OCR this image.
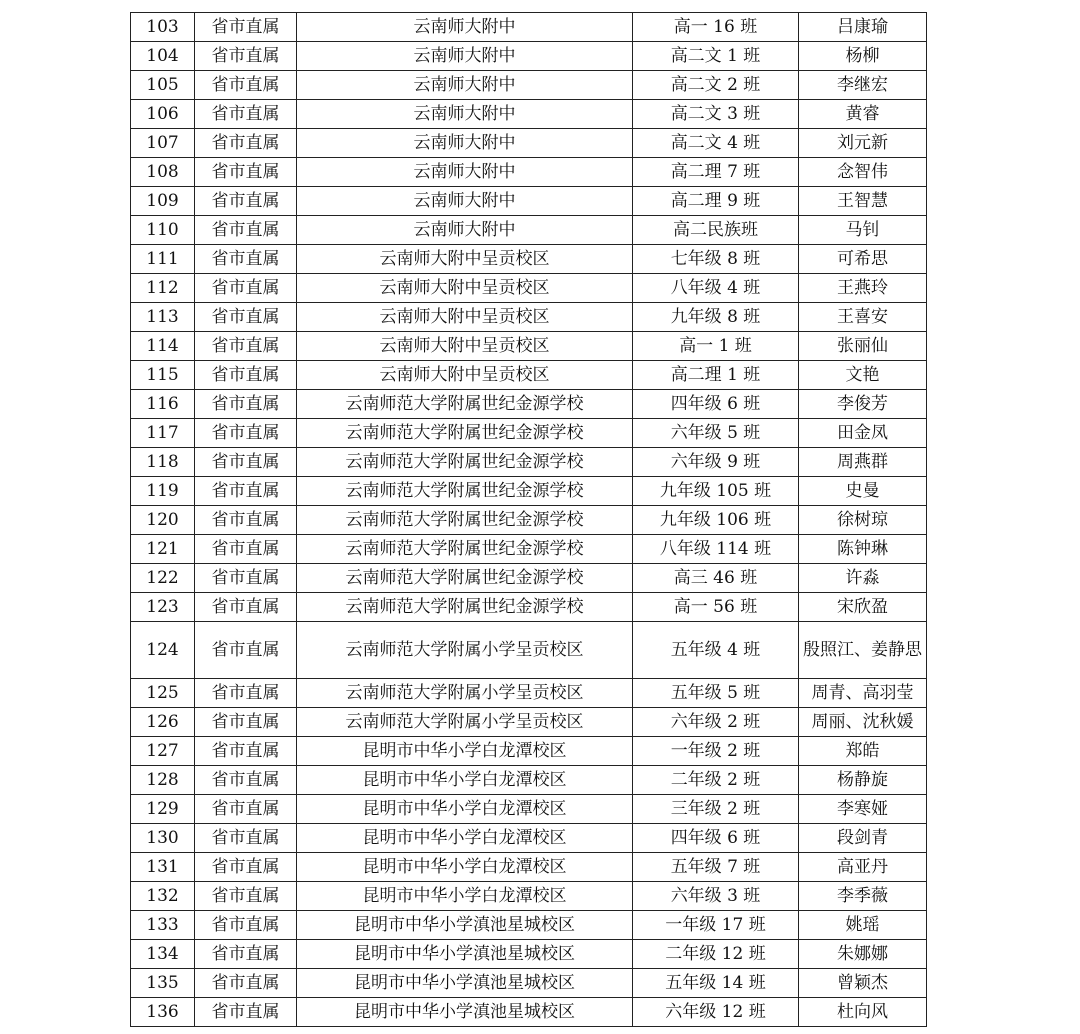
103	省市直属	云南师大附中	高一 16 班	吕康瑜
104	省市直属	云南师大附中	高二文 1 班	杨柳
105	省市直属	云南师大附中	高二文 2 班	李继宏
106	省市直属	云南师大附中	高二文 3 班	黄睿
107	省市直属	云南师大附中	高二文 4 班	刘元新
108	省市直属	云南师大附中	高二理 7 班	念智伟
109	省市直属	云南师大附中	高二理 9 班	王智慧
110	省市直属	云南师大附中	高二民族班	马钊
111	省市直属	云南师大附中呈贡校区	七年级 8 班	可希思
112	省市直属	云南师大附中呈贡校区	八年级 4 班	王燕玲
113	省市直属	云南师大附中呈贡校区	九年级 8 班	王喜安
114	省市直属	云南师大附中呈贡校区	高一 1 班	张丽仙
115	省市直属	云南师大附中呈贡校区	高二理 1 班	文艳
116	省市直属	云南师范大学附属世纪金源学校	四年级 6 班	李俊芳
117	省市直属	云南师范大学附属世纪金源学校	六年级 5 班	田金凤
118	省市直属	云南师范大学附属世纪金源学校	六年级 9 班	周燕群
119	省市直属	云南师范大学附属世纪金源学校	九年级 105 班	史曼
120	省市直属	云南师范大学附属世纪金源学校	九年级 106 班	徐树琼
121	省市直属	云南师范大学附属世纪金源学校	八年级 114 班	陈钟琳
122	省市直属	云南师范大学附属世纪金源学校	高三 46 班	许淼
123	省市直属	云南师范大学附属世纪金源学校	高一 56 班	宋欣盈
124	省市直属	云南师范大学附属小学呈贡校区	五年级 4 班	殷照江、姜静思
125	省市直属	云南师范大学附属小学呈贡校区	五年级 5 班	周青、高羽莹
126	省市直属	云南师范大学附属小学呈贡校区	六年级 2 班	周丽、沈秋媛
127	省市直属	昆明市中华小学白龙潭校区	一年级 2 班	郑皓
128	省市直属	昆明市中华小学白龙潭校区	二年级 2 班	杨静旋
129	省市直属	昆明市中华小学白龙潭校区	三年级 2 班	李寒娅
130	省市直属	昆明市中华小学白龙潭校区	四年级 6 班	段剑青
131	省市直属	昆明市中华小学白龙潭校区	五年级 7 班	高亚丹
132	省市直属	昆明市中华小学白龙潭校区	六年级 3 班	李季薇
133	省市直属	昆明市中华小学滇池星城校区	一年级 17 班	姚瑶
134	省市直属	昆明市中华小学滇池星城校区	二年级 12 班	朱娜娜
135	省市直属	昆明市中华小学滇池星城校区	五年级 14 班	曾颖杰
136	省市直属	昆明市中华小学滇池星城校区	六年级 12 班	杜向风
